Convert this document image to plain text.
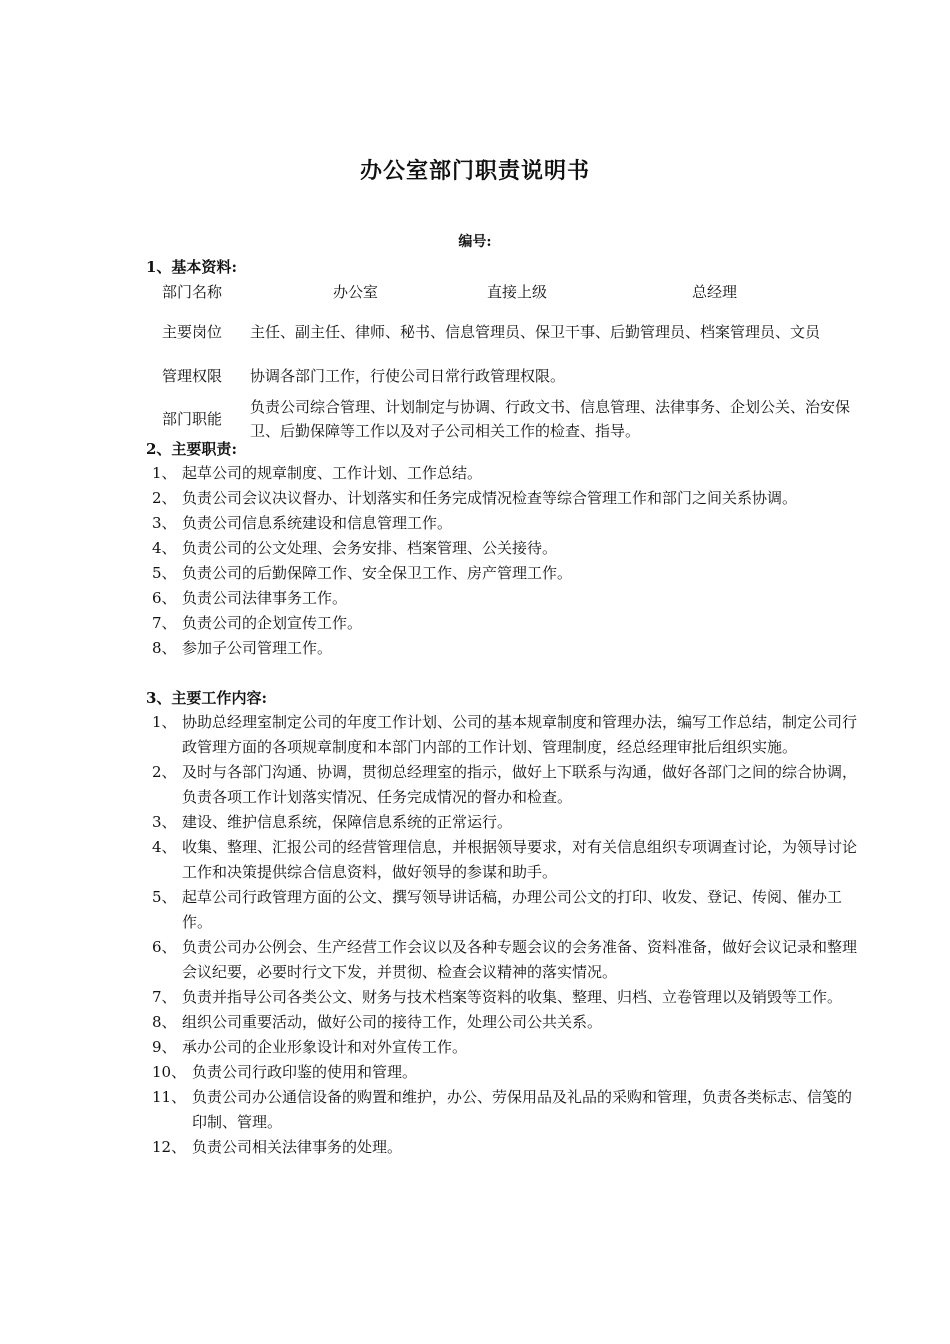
办公室部门职责说明书
编号:
1、基本资料:
部门名称	办公室 直接上级 总经理

主要岗位	主任、副主任、律师、秘书、信息管理员、保卫干事、后勤管理员、档案管理员、文员
管理权限	协调各部门工作，行使公司日常行政管理权限。
部门职能	负责公司综合管理、计划制定与协调、行政文书、信息管理、法律事务、企划公关、治安保卫、后勤保障等工作以及对子公司相关工作的检查、指导。
2、主要职责:
1、 起草公司的规章制度、工作计划、工作总结。
2、 负责公司会议决议督办、计划落实和任务完成情况检查等综合管理工作和部门之间关系协调。
3、 负责公司信息系统建设和信息管理工作。
4、 负责公司的公文处理、会务安排、档案管理、公关接待。
5、 负责公司的后勤保障工作、安全保卫工作、房产管理工作。
6、 负责公司法律事务工作。
7、 负责公司的企划宣传工作。
8、 参加子公司管理工作。
3、主要工作内容:
1、 协助总经理室制定公司的年度工作计划、公司的基本规章制度和管理办法，编写工作总结，制定公司行政管理方面的各项规章制度和本部门内部的工作计划、管理制度，经总经理审批后组织实施。
2、 及时与各部门沟通、协调，贯彻总经理室的指示，做好上下联系与沟通，做好各部门之间的综合协调，负责各项工作计划落实情况、任务完成情况的督办和检查。
3、 建设、维护信息系统，保障信息系统的正常运行。
4、 收集、整理、汇报公司的经营管理信息，并根据领导要求，对有关信息组织专项调查讨论，为领导讨论工作和决策提供综合信息资料，做好领导的参谋和助手。
5、 起草公司行政管理方面的公文、撰写领导讲话稿，办理公司公文的打印、收发、登记、传阅、催办工作。
6、 负责公司办公例会、生产经营工作会议以及各种专题会议的会务准备、资料准备，做好会议记录和整理会议纪要，必要时行文下发，并贯彻、检查会议精神的落实情况。
7、 负责并指导公司各类公文、财务与技术档案等资料的收集、整理、归档、立卷管理以及销毁等工作。
8、 组织公司重要活动，做好公司的接待工作，处理公司公共关系。
9、 承办公司的企业形象设计和对外宣传工作。
10、 负责公司行政印鉴的使用和管理。
11、 负责公司办公通信设备的购置和维护，办公、劳保用品及礼品的采购和管理，负责各类标志、信笺的印制、管理。
12、 负责公司相关法律事务的处理。
